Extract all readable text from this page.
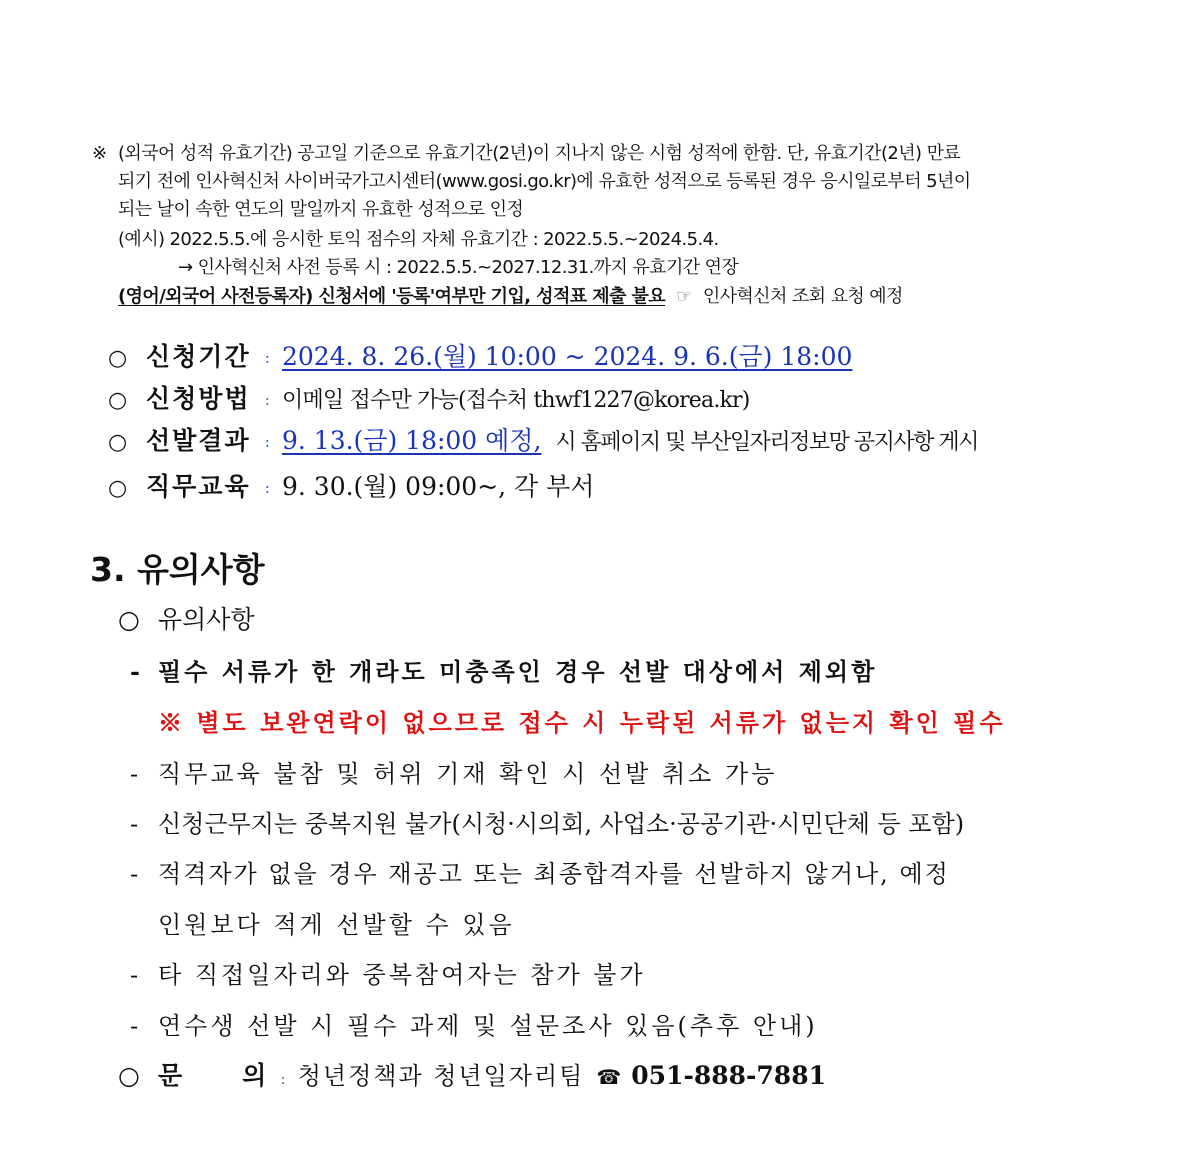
※ (외국어 성적 유효기간) 공고일 기준으로 유효기간(2년)이 지나지 않은 시험 성적에 한함. 단, 유효기간(2년) 만료
되기 전에 인사혁신처 사이버국가고시센터(www.gosi.go.kr)에 유효한 성적으로 등록된 경우 응시일로부터 5년이
되는 날이 속한 연도의 말일까지 유효한 성적으로 인정
(예시) 2022.5.5.에 응시한 토익 점수의 자체 유효기간 : 2022.5.5.~2024.5.4.
→ 인사혁신처 사전 등록 시 : 2022.5.5.~2027.12.31.까지 유효기간 연장
(영어/외국어 사전등록자) 신청서에 '등록'여부만 기입, 성적표 제출 불요 ☞ 인사혁신처 조회 요청 예정
○ 신청기간 : 2024. 8. 26.(월) 10:00 ~ 2024. 9. 6.(금) 18:00
○ 신청방법 : 이메일 접수만 가능(접수처 thwf1227@korea.kr)
○ 선발결과 : 9. 13.(금) 18:00 예정, 시 홈페이지 및 부산일자리정보망 공지사항 게시
○ 직무교육 : 9. 30.(월) 09:00~, 각 부서
3. 유의사항
○ 유의사항
- 필수 서류가 한 개라도 미충족인 경우 선발 대상에서 제외함
※ 별도 보완연락이 없으므로 접수 시 누락된 서류가 없는지 확인 필수
- 직무교육 불참 및 허위 기재 확인 시 선발 취소 가능
- 신청근무지는 중복지원 불가(시청·시의회, 사업소·공공기관·시민단체 등 포함)
- 적격자가 없을 경우 재공고 또는 최종합격자를 선발하지 않거나, 예정
인원보다 적게 선발할 수 있음
- 타 직접일자리와 중복참여자는 참가 불가
- 연수생 선발 시 필수 과제 및 설문조사 있음(추후 안내)
○ 문 의 : 청년정책과 청년일자리팀 ☎ 051-888-7881
